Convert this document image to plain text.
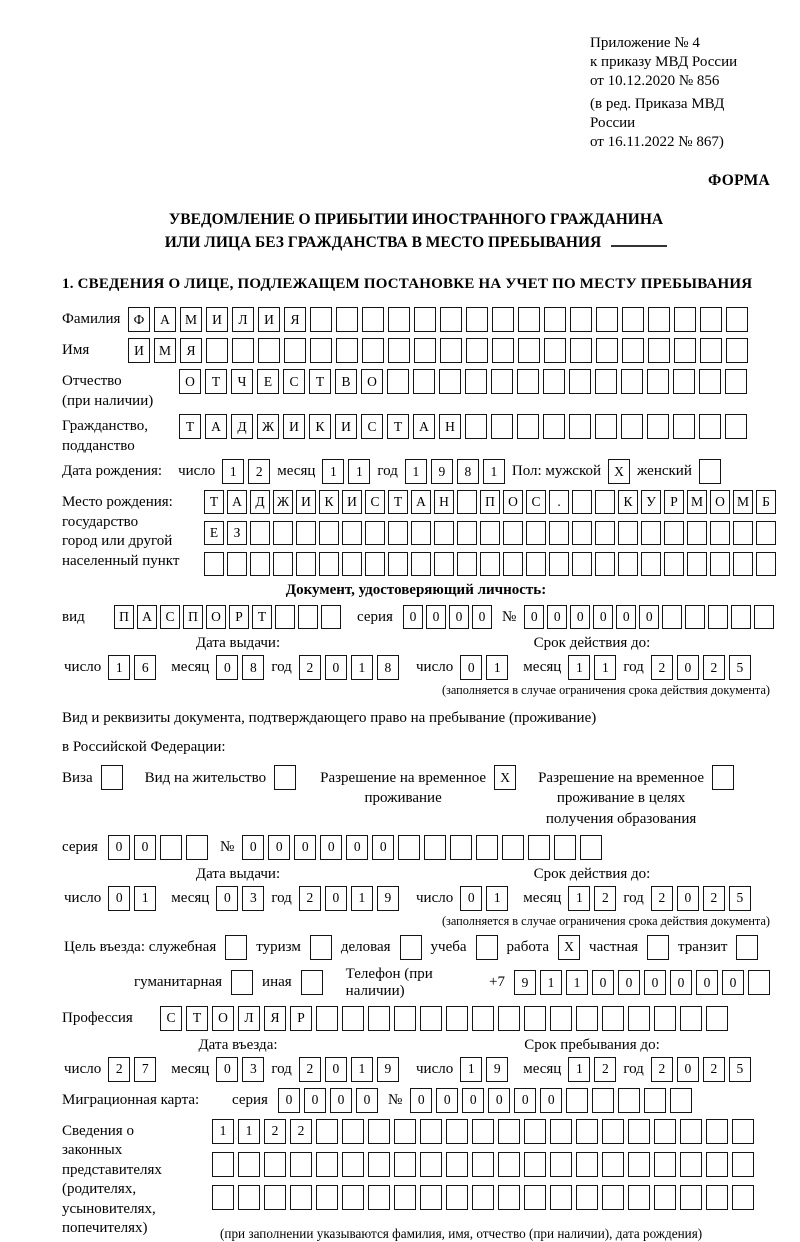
Приложение № 4
к приказу МВД России
от 10.12.2020 № 856
(в ред. Приказа МВД России
от 16.11.2022 № 867)
ФОРМА
УВЕДОМЛЕНИЕ О ПРИБЫТИИ ИНОСТРАННОГО ГРАЖДАНИНА
ИЛИ ЛИЦА БЕЗ ГРАЖДАНСТВА В МЕСТО ПРЕБЫВАНИЯ
1. СВЕДЕНИЯ О ЛИЦЕ, ПОДЛЕЖАЩЕМ ПОСТАНОВКЕ НА УЧЕТ ПО МЕСТУ ПРЕБЫВАНИЯ
Фамилия Ф	А	М	И	Л	И	Я
Имя	И	М	Я
Отчество
(при наличии)
О	Т	Ч	Е	С	Т	В	О
Гражданство,
подданство
Т	А	Д	Ж	И	К	И	С	Т	А	Н
Дата рождения: число	1	2 месяц	1	1 год	1	9	8	1 Пол: мужской X женский
Место рождения:
государство
город или другой
населенный пункт
Т	А	Д Ж И	К	И	С	Т	А Н	П О	С	.	К	У	Р М О М Б
Е	З
Документ, удостоверяющий личность:
вид	П А	С	П О	Р	Т	серия	0	0	0	0	№	0	0	0	0	0	0
Дата выдачи:
число	1	6	месяц	0	8 год	2	0	1	8
Срок действия до:
число	0	1	месяц	1	1 год	2	0	2	5
(заполняется в случае ограничения срока действия документа)
Вид и реквизиты документа, подтверждающего право на пребывание (проживание)
в Российской Федерации:
Виза	Вид на жительство	Разрешение на временное
проживание
X	Разрешение на временное
проживание в целях
получения образования
серия	0	0	№	0	0	0	0	0	0
Дата выдачи:
число	0	1	месяц	0	3 год	2	0	1	9
Срок действия до:
число	0	1	месяц	1	2 год	2	0	2	5
(заполняется в случае ограничения срока действия документа)
Цель въезда: служебная	туризм	деловая	учеба	работа	X	частная	транзит
гуманитарная	иная
Телефон (при наличии)
+7	9	1	1	0	0	0	0	0	0
Профессия	С	Т	О	Л	Я	Р
Дата въезда:
число	2	7	месяц	0	3 год	2	0	1	9
Срок пребывания до:
число	1	9	месяц	1	2 год	2	0	2	5
Миграционная карта:	серия	0	0	0	0	№	0	0	0	0	0	0
Сведения о
законных
представителях
(родителях,
усыновителях,
попечителях)
1	1	2	2
(при заполнении указываются фамилия, имя, отчество (при наличии), дата рождения)
